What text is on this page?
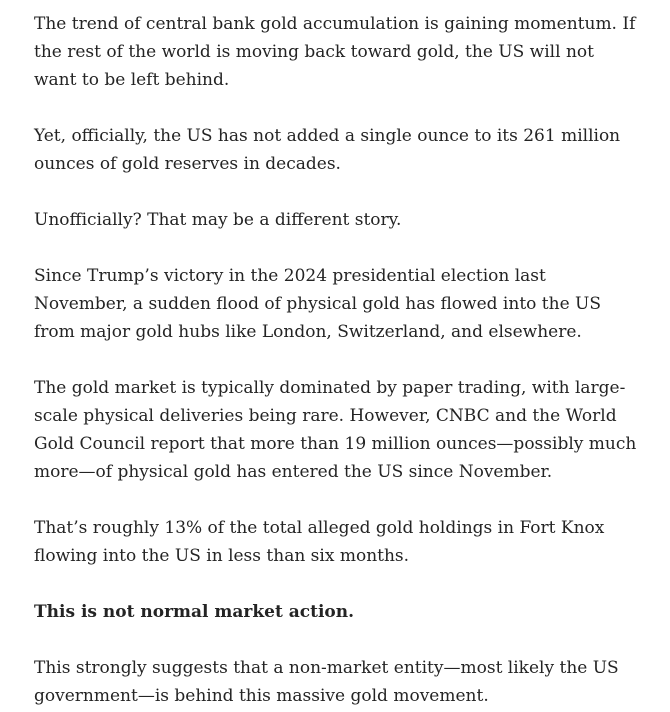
The trend of central bank gold accumulation is gaining momentum. If the rest of the world is moving back toward gold, the US will not want to be left behind.

Yet, officially, the US has not added a single ounce to its 261 million ounces of gold reserves in decades.

Unofficially? That may be a different story.

Since Trump’s victory in the 2024 presidential election last November, a sudden flood of physical gold has flowed into the US from major gold hubs like London, Switzerland, and elsewhere.

The gold market is typically dominated by paper trading, with large-scale physical deliveries being rare. However, CNBC and the World Gold Council report that more than 19 million ounces—possibly much more—of physical gold has entered the US since November.

That’s roughly 13% of the total alleged gold holdings in Fort Knox flowing into the US in less than six months.

This is not normal market action.

This strongly suggests that a non-market entity—most likely the US government—is behind this massive gold movement.
